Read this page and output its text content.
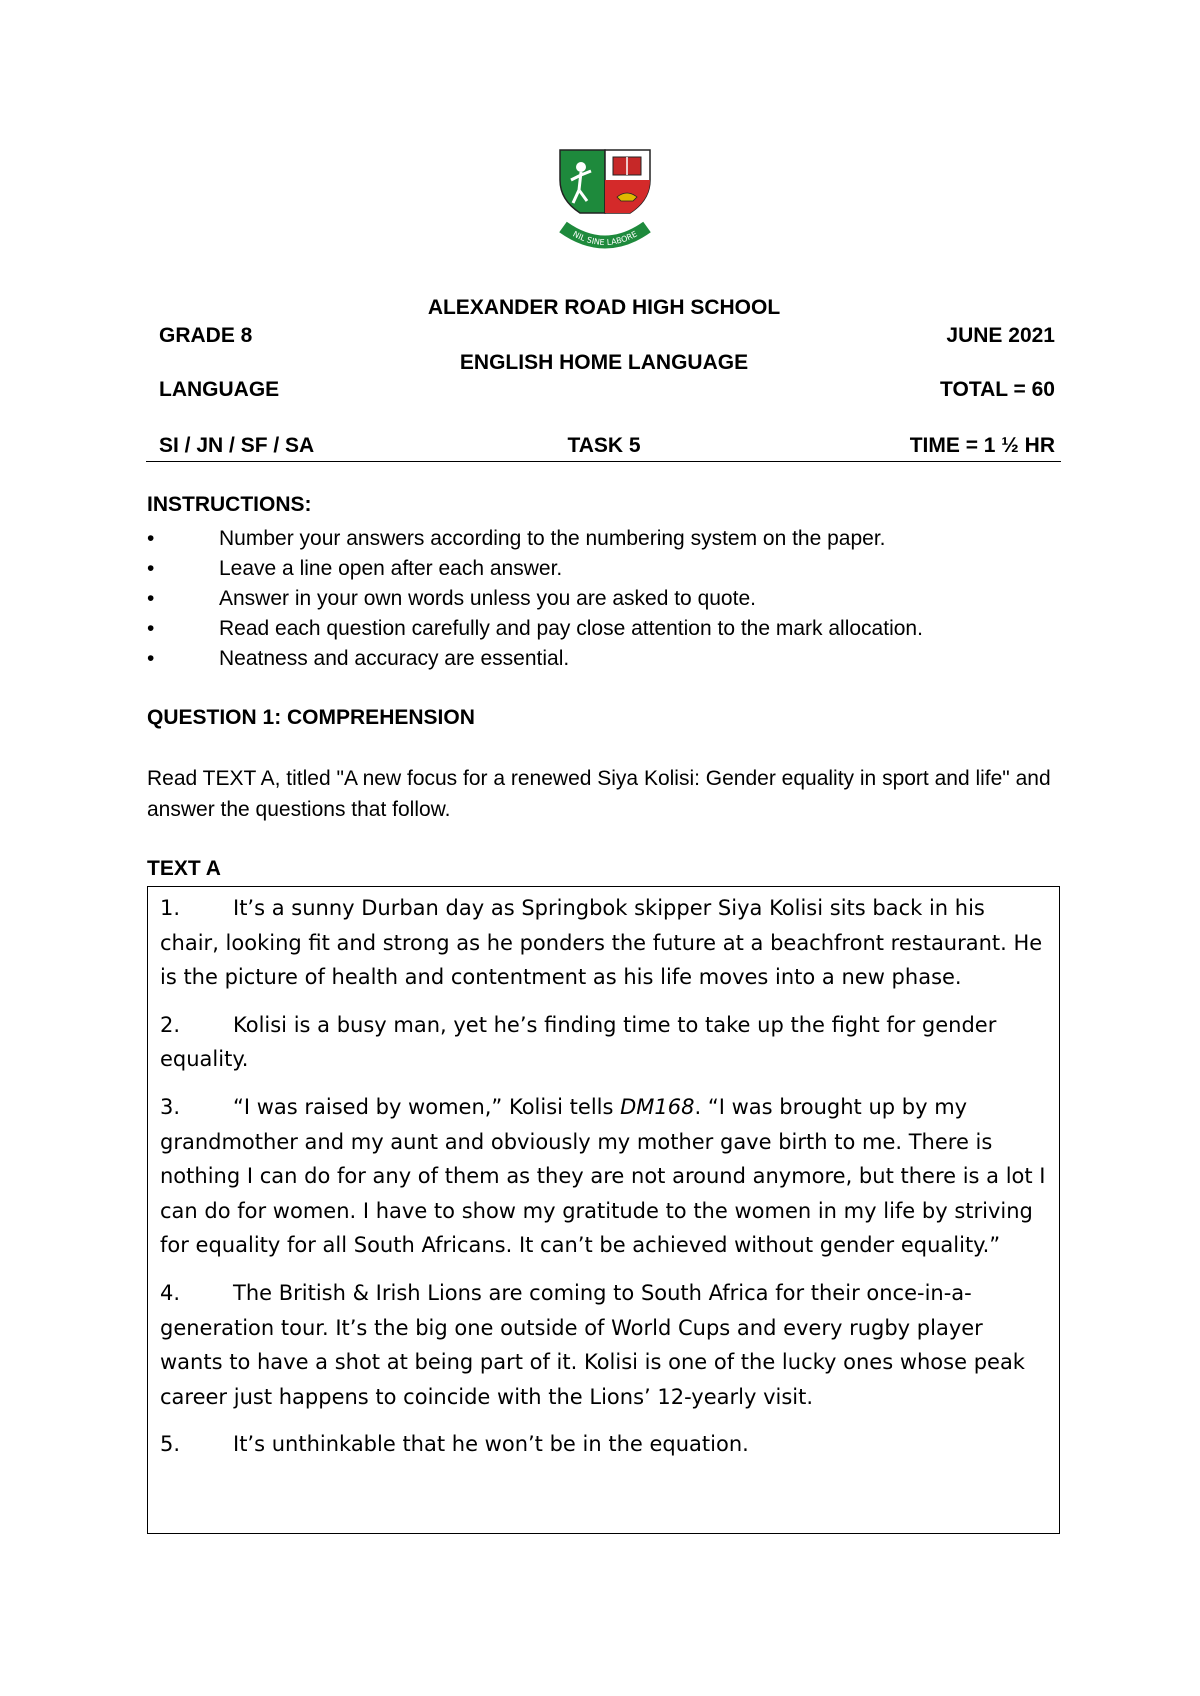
NIL SINE LABORE
ALEXANDER ROAD HIGH SCHOOL
GRADE 8	JUNE 2021
ENGLISH HOME LANGUAGE
LANGUAGE	TOTAL = 60
SI / JN / SF / SA	TASK 5	TIME = 1 ½ HR
INSTRUCTIONS:
•	Number your answers according to the numbering system on the paper.
•	Leave a line open after each answer.
•	Answer in your own words unless you are asked to quote.
•	Read each question carefully and pay close attention to the mark allocation.
•	Neatness and accuracy are essential.
QUESTION 1: COMPREHENSION
Read TEXT A, titled "A new focus for a renewed Siya Kolisi: Gender equality in sport and life" and answer the questions that follow.
TEXT A

1.	It’s a sunny Durban day as Springbok skipper Siya Kolisi sits back in his chair, looking fit and strong as he ponders the future at a beachfront restaurant. He is the picture of health and contentment as his life moves into a new phase.

2.	Kolisi is a busy man, yet he’s finding time to take up the fight for gender equality.

3.	“I was raised by women,” Kolisi tells DM168. “I was brought up by my grandmother and my aunt and obviously my mother gave birth to me. There is nothing I can do for any of them as they are not around anymore, but there is a lot I can do for women. I have to show my gratitude to the women in my life by striving for equality for all South Africans. It can’t be achieved without gender equality.”

4.	The British & Irish Lions are coming to South Africa for their once-in-a-generation tour. It’s the big one outside of World Cups and every rugby player wants to have a shot at being part of it. Kolisi is one of the lucky ones whose peak career just happens to coincide with the Lions’ 12-yearly visit.

5.	It’s unthinkable that he won’t be in the equation.
